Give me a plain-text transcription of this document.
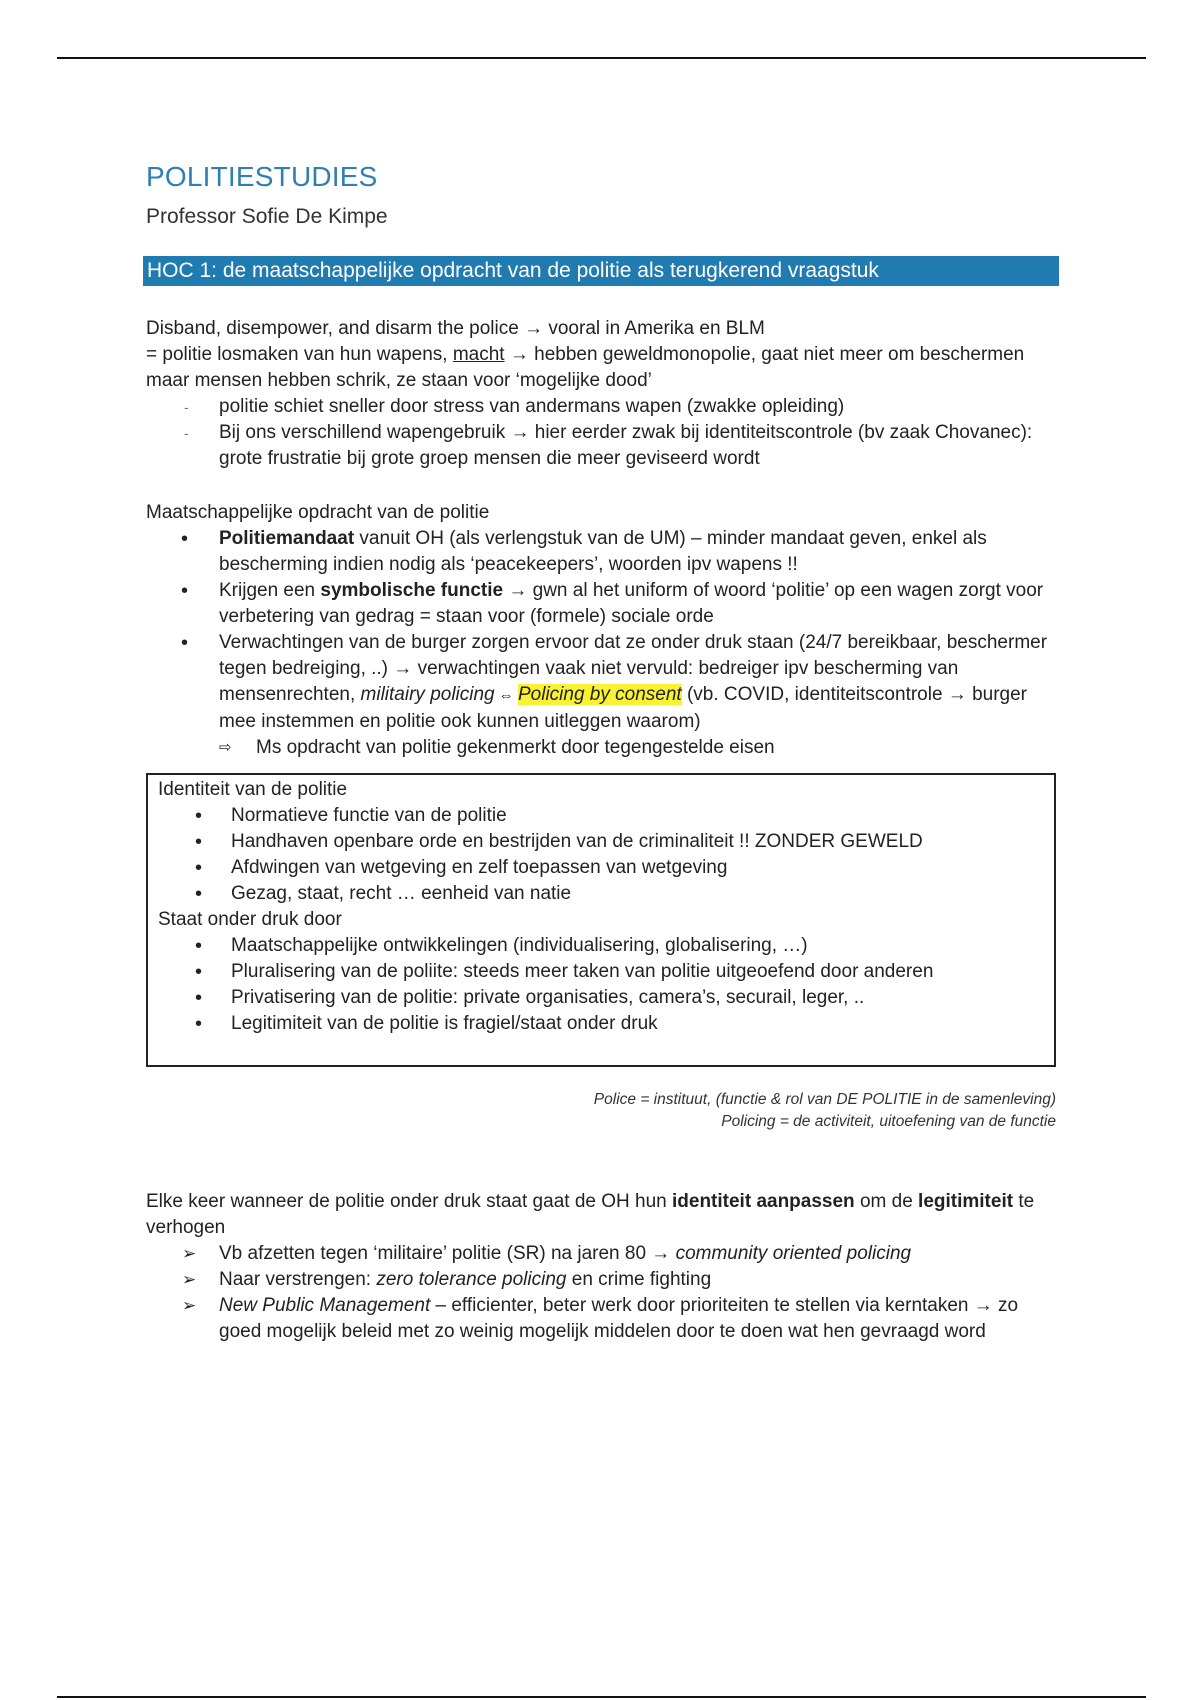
POLITIESTUDIES
Professor Sofie De Kimpe
HOC 1: de maatschappelijke opdracht van de politie als terugkerend vraagstuk

Disband, disempower, and disarm the police → vooral in Amerika en BLM

= politie losmaken van hun wapens, macht → hebben geweldmonopolie, gaat niet meer om beschermen maar mensen hebben schrik, ze staan voor ‘mogelijke dood’

- politie schiet sneller door stress van andermans wapen (zwakke opleiding)
- Bij ons verschillend wapengebruik → hier eerder zwak bij identiteitscontrole (bv zaak Chovanec): grote frustratie bij grote groep mensen die meer geviseerd wordt

Maatschappelijke opdracht van de politie

• Politiemandaat vanuit OH (als verlengstuk van de UM) – minder mandaat geven, enkel als bescherming indien nodig als ‘peacekeepers’, woorden ipv wapens !!
• Krijgen een symbolische functie → gwn al het uniform of woord ‘politie’ op een wagen zorgt voor verbetering van gedrag = staan voor (formele) sociale orde
• Verwachtingen van de burger zorgen ervoor dat ze onder druk staan (24/7 bereikbaar, beschermer tegen bedreiging, ..) → verwachtingen vaak niet vervuld: bedreiger ipv bescherming van mensenrechten, militairy policing ⇔ Policing by consent (vb. COVID, identiteitscontrole → burger mee instemmen en politie ook kunnen uitleggen waarom)
⇨	Ms opdracht van politie gekenmerkt door tegengestelde eisen

Identiteit van de politie

• Normatieve functie van de politie
• Handhaven openbare orde en bestrijden van de criminaliteit !! ZONDER GEWELD
• Afdwingen van wetgeving en zelf toepassen van wetgeving
• Gezag, staat, recht … eenheid van natie

Staat onder druk door

• Maatschappelijke ontwikkelingen (individualisering, globalisering, …)
• Pluralisering van de poliite: steeds meer taken van politie uitgeoefend door anderen
• Privatisering van de politie: private organisaties, camera’s, securail, leger, ..
• Legitimiteit van de politie is fragiel/staat onder druk
Police = instituut, (functie & rol van DE POLITIE in de samenleving)
Policing = de activiteit, uitoefening van de functie

Elke keer wanneer de politie onder druk staat gaat de OH hun identiteit aanpassen om de legitimiteit te verhogen

➢ Vb afzetten tegen ‘militaire’ politie (SR) na jaren 80 → community oriented policing
➢ Naar verstrengen: zero tolerance policing en crime fighting
➢ New Public Management – efficienter, beter werk door prioriteiten te stellen via kerntaken → zo goed mogelijk beleid met zo weinig mogelijk middelen door te doen wat hen gevraagd word
